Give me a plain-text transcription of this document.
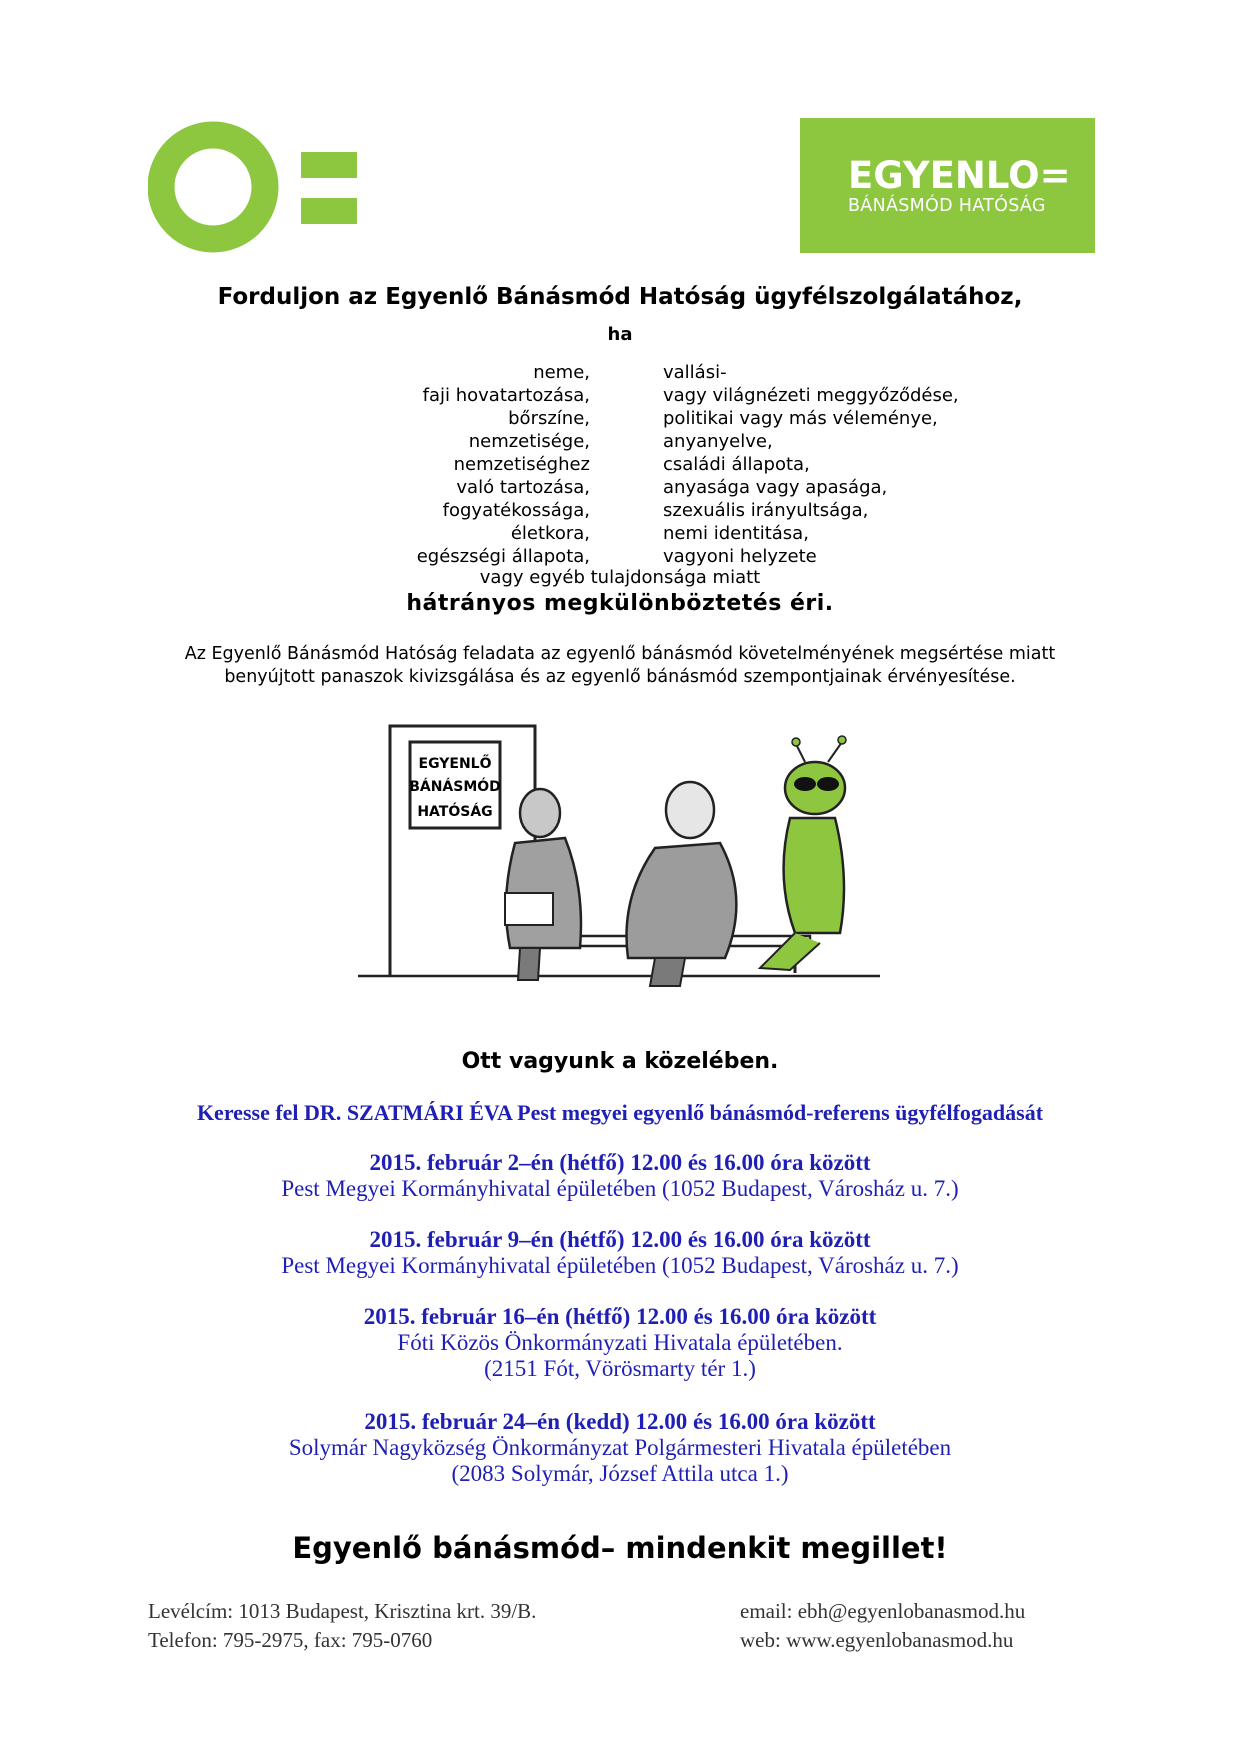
EGYENLO=
BÁNÁSMÓD HATÓSÁG
Forduljon az Egyenlő Bánásmód Hatóság ügyfélszolgálatához,
ha
neme,
faji hovatartozása,
bőrszíne,
nemzetisége,
nemzetiséghez
való tartozása,
fogyatékossága,
életkora,
egészségi állapota,
vallási-
vagy világnézeti meggyőződése,
politikai vagy más véleménye,
anyanyelve,
családi állapota,
anyasága vagy apasága,
szexuális irányultsága,
nemi identitása,
vagyoni helyzete
vagy egyéb tulajdonsága miatt
hátrányos megkülönböztetés éri.
Az Egyenlő Bánásmód Hatóság feladata az egyenlő bánásmód követelményének megsértése miatt
benyújtott panaszok kivizsgálása és az egyenlő bánásmód szempontjainak érvényesítése.
EGYENLŐ
BÁNÁSMÓD
HATÓSÁG
Ott vagyunk a közelében.
Keresse fel DR. SZATMÁRI ÉVA Pest megyei egyenlő bánásmód-referens ügyfélfogadását
2015. február 2–én (hétfő) 12.00 és 16.00 óra között
Pest Megyei Kormányhivatal épületében (1052 Budapest, Városház u. 7.)
2015. február 9–én (hétfő) 12.00 és 16.00 óra között
Pest Megyei Kormányhivatal épületében (1052 Budapest, Városház u. 7.)
2015. február 16–én (hétfő) 12.00 és 16.00 óra között
Fóti Közös Önkormányzati Hivatala épületében.
(2151 Fót, Vörösmarty tér 1.)
2015. február 24–én (kedd) 12.00 és 16.00 óra között
Solymár Nagyközség Önkormányzat Polgármesteri Hivatala épületében
(2083 Solymár, József Attila utca 1.)
Egyenlő bánásmód– mindenkit megillet!
Levélcím: 1013 Budapest, Krisztina krt. 39/B.
Telefon: 795-2975, fax: 795-0760
email: ebh@egyenlobanasmod.hu
web: www.egyenlobanasmod.hu
